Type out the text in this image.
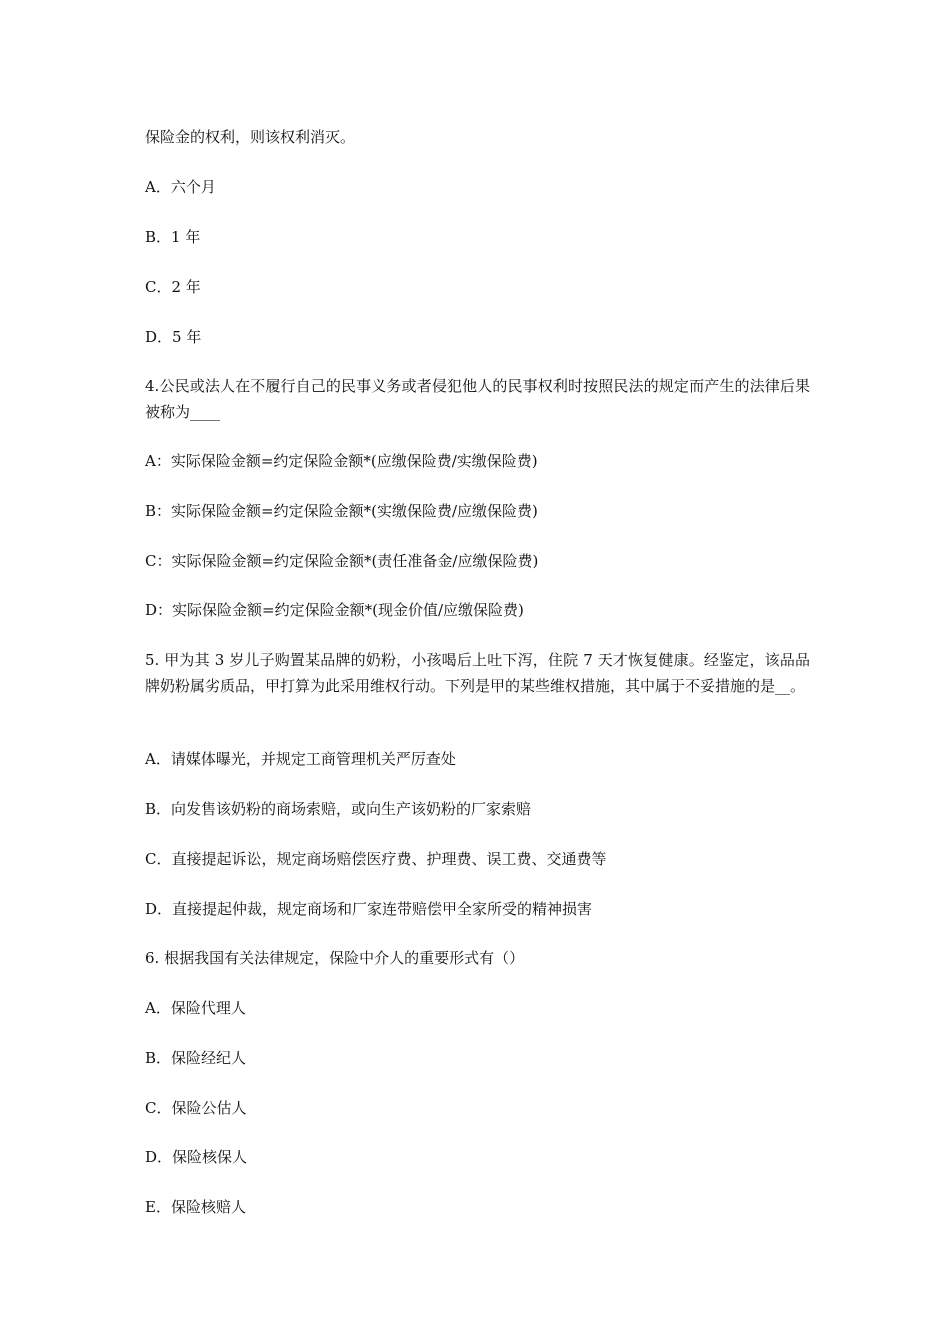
保险金的权利，则该权利消灭。
A．六个月
B．1 年
C．2 年
D．5 年
4.公民或法人在不履行自己的民事义务或者侵犯他人的民事权利时按照民法的规定而产生的法律后果被称为____
A：实际保险金额=约定保险金额*(应缴保险费/实缴保险费)
B：实际保险金额=约定保险金额*(实缴保险费/应缴保险费)
C：实际保险金额=约定保险金额*(责任准备金/应缴保险费)
D：实际保险金额=约定保险金额*(现金价值/应缴保险费)
5. 甲为其 3 岁儿子购置某品牌的奶粉，小孩喝后上吐下泻，住院 7 天才恢复健康。经鉴定，该品品牌奶粉属劣质品，甲打算为此采用维权行动。下列是甲的某些维权措施，其中属于不妥措施的是__。
A．请媒体曝光，并规定工商管理机关严厉查处
B．向发售该奶粉的商场索赔，或向生产该奶粉的厂家索赔
C．直接提起诉讼，规定商场赔偿医疗费、护理费、误工费、交通费等
D．直接提起仲裁，规定商场和厂家连带赔偿甲全家所受的精神损害
6. 根据我国有关法律规定，保险中介人的重要形式有（）
A．保险代理人
B．保险经纪人
C．保险公估人
D．保险核保人
E．保险核赔人
